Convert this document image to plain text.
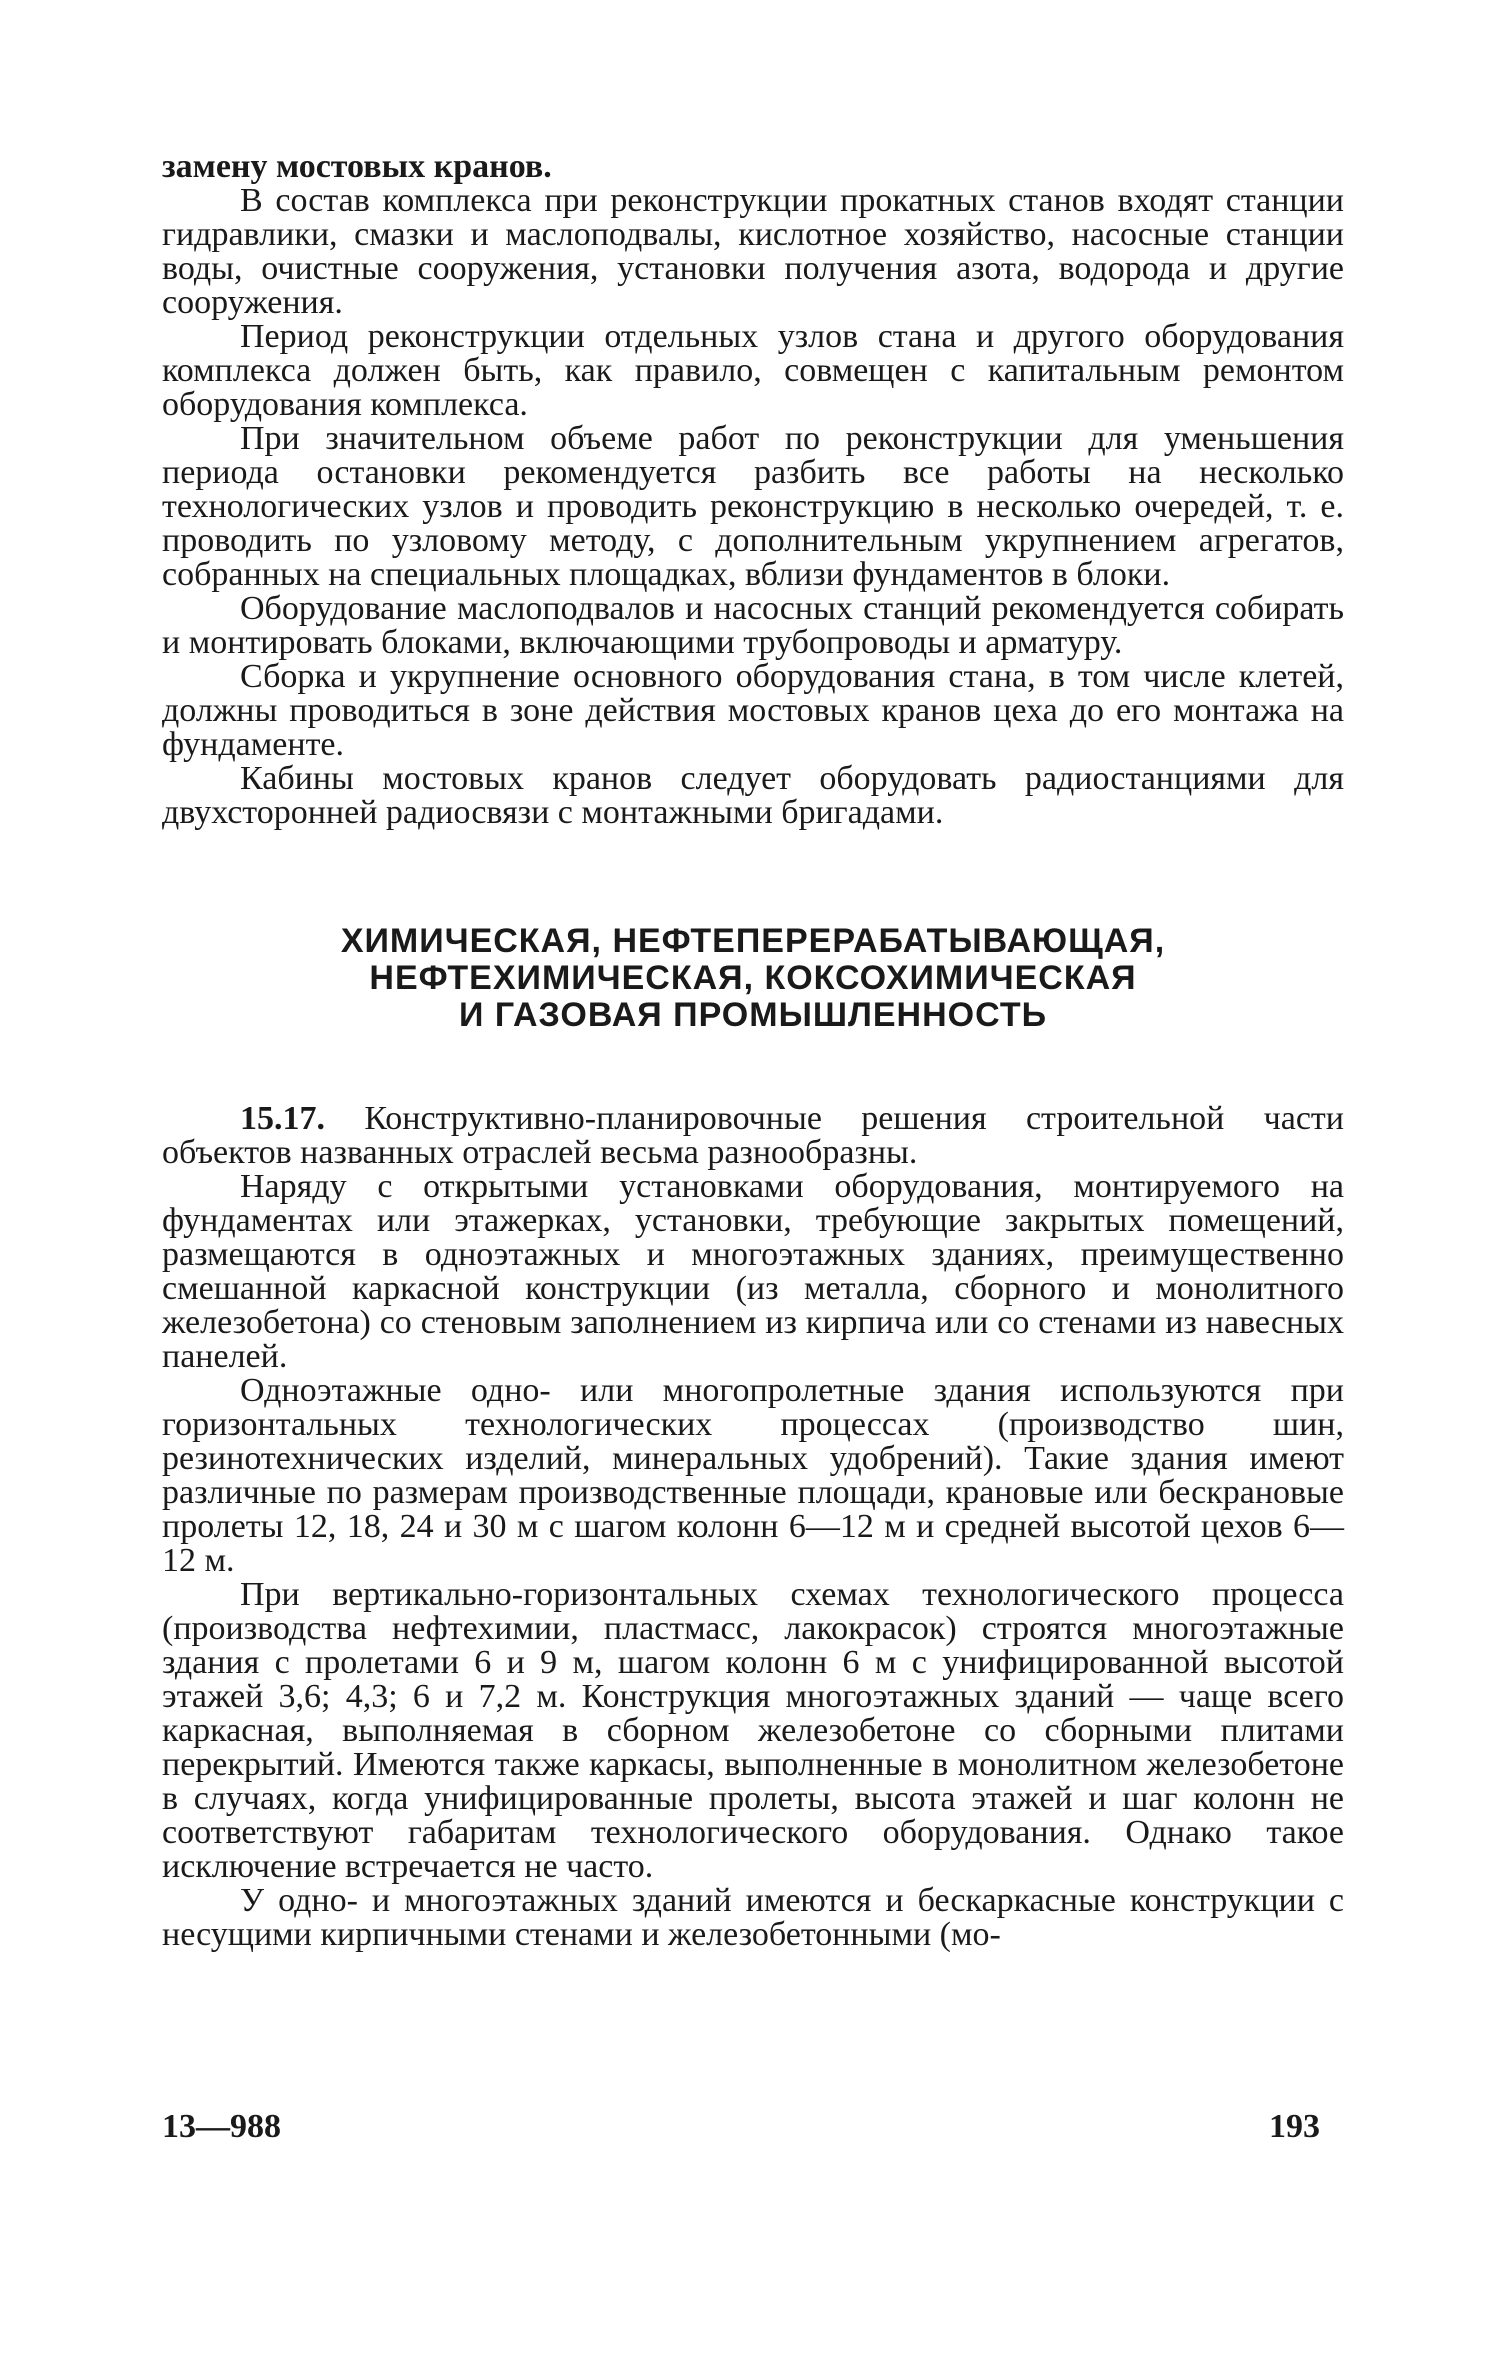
замену мостовых кранов.

В состав комплекса при реконструкции прокатных станов входят станции гидравлики, смазки и маслоподвалы, кислотное хозяйство, насосные станции воды, очистные сооружения, установки получения азота, водорода и другие сооружения.

Период реконструкции отдельных узлов стана и другого оборудования комплекса должен быть, как правило, совмещен с капитальным ремонтом оборудования комплекса.

При значительном объеме работ по реконструкции для уменьшения периода остановки рекомендуется разбить все работы на несколько технологических узлов и проводить реконструкцию в несколько очередей, т. е. проводить по узловому методу, с дополнительным укрупнением агрегатов, собранных на специальных площадках, вблизи фундаментов в блоки.

Оборудование маслоподвалов и насосных станций рекомендуется собирать и монтировать блоками, включающими трубопроводы и арматуру.

Сборка и укрупнение основного оборудования стана, в том числе клетей, должны проводиться в зоне действия мостовых кранов цеха до его монтажа на фундаменте.

Кабины мостовых кранов следует оборудовать радиостанциями для двухсторонней радиосвязи с монтажными бригадами.

ХИМИЧЕСКАЯ, НЕФТЕПЕРЕРАБАТЫВАЮЩАЯ,
НЕФТЕХИМИЧЕСКАЯ, КОКСОХИМИЧЕСКАЯ
И ГАЗОВАЯ ПРОМЫШЛЕННОСТЬ

15.17. Конструктивно-планировочные решения строительной части объектов названных отраслей весьма разнообразны.

Наряду с открытыми установками оборудования, монтируемого на фундаментах или этажерках, установки, требующие закрытых помещений, размещаются в одноэтажных и многоэтажных зданиях, преимущественно смешанной каркасной конструкции (из металла, сборного и монолитного железобетона) со стеновым заполнением из кирпича или со стенами из навесных панелей.

Одноэтажные одно- или многопролетные здания используются при горизонтальных технологических процессах (производство шин, резинотехнических изделий, минеральных удобрений). Такие здания имеют различные по размерам производственные площади, крановые или бескрановые пролеты 12, 18, 24 и 30 м с шагом колонн 6—12 м и средней высотой цехов 6—12 м.

При вертикально-горизонтальных схемах технологического процесса (производства нефтехимии, пластмасс, лакокрасок) строятся многоэтажные здания с пролетами 6 и 9 м, шагом колонн 6 м с унифицированной высотой этажей 3,6; 4,3; 6 и 7,2 м. Конструкция многоэтажных зданий — чаще всего каркасная, выполняемая в сборном железобетоне со сборными плитами перекрытий. Имеются также каркасы, выполненные в монолитном железобетоне в случаях, когда унифицированные пролеты, высота этажей и шаг колонн не соответствуют габаритам технологического оборудования. Однако такое исключение встречается не часто.

У одно- и многоэтажных зданий имеются и бескаркасные конструкции с несущими кирпичными стенами и железобетонными (мо-

13—988	193
